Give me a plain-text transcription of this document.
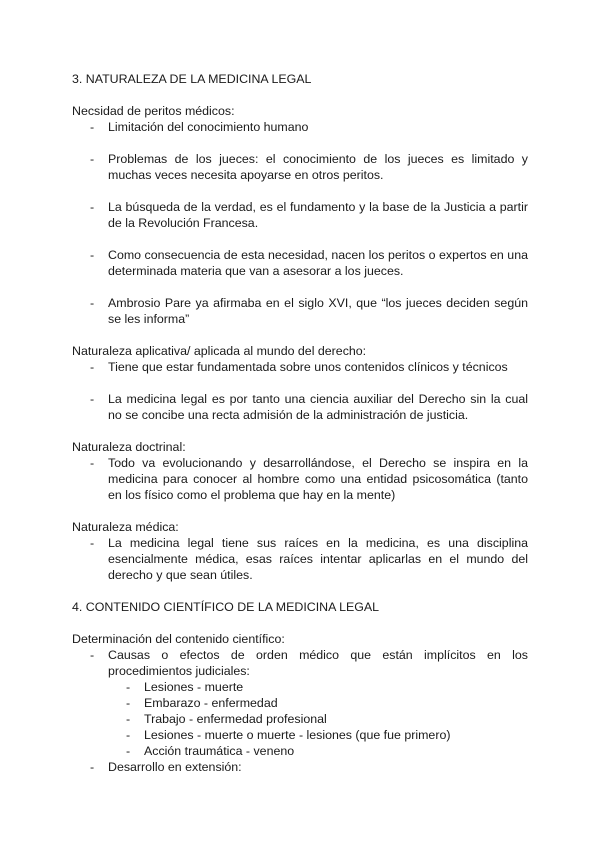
3. NATURALEZA DE LA MEDICINA LEGAL
Necsidad de peritos médicos:
- Limitación del conocimiento humano
- Problemas de los jueces: el conocimiento de los jueces es limitado y muchas veces necesita apoyarse en otros peritos.
- La búsqueda de la verdad, es el fundamento y la base de la Justicia a partir de la Revolución Francesa.
- Como consecuencia de esta necesidad, nacen los peritos o expertos en una determinada materia que van a asesorar a los jueces.
- Ambrosio Pare ya afirmaba en el siglo XVI, que “los jueces deciden según se les informa”
Naturaleza aplicativa/ aplicada al mundo del derecho:
- Tiene que estar fundamentada sobre unos contenidos clínicos y técnicos
- La medicina legal es por tanto una ciencia auxiliar del Derecho sin la cual no se concibe una recta admisión de la administración de justicia.
Naturaleza doctrinal:
- Todo va evolucionando y desarrollándose, el Derecho se inspira en la medicina para conocer al hombre como una entidad psicosomática (tanto en los físico como el problema que hay en la mente)
Naturaleza médica:
- La medicina legal tiene sus raíces en la medicina, es una disciplina esencialmente médica, esas raíces intentar aplicarlas en el mundo del derecho y que sean útiles.
4. CONTENIDO CIENTÍFICO DE LA MEDICINA LEGAL
Determinación del contenido científico:
- Causas o efectos de orden médico que están implícitos en los procedimientos judiciales:
- Lesiones - muerte
- Embarazo - enfermedad
- Trabajo - enfermedad profesional
- Lesiones - muerte o muerte - lesiones (que fue primero)
- Acción traumática - veneno
- Desarrollo en extensión:
